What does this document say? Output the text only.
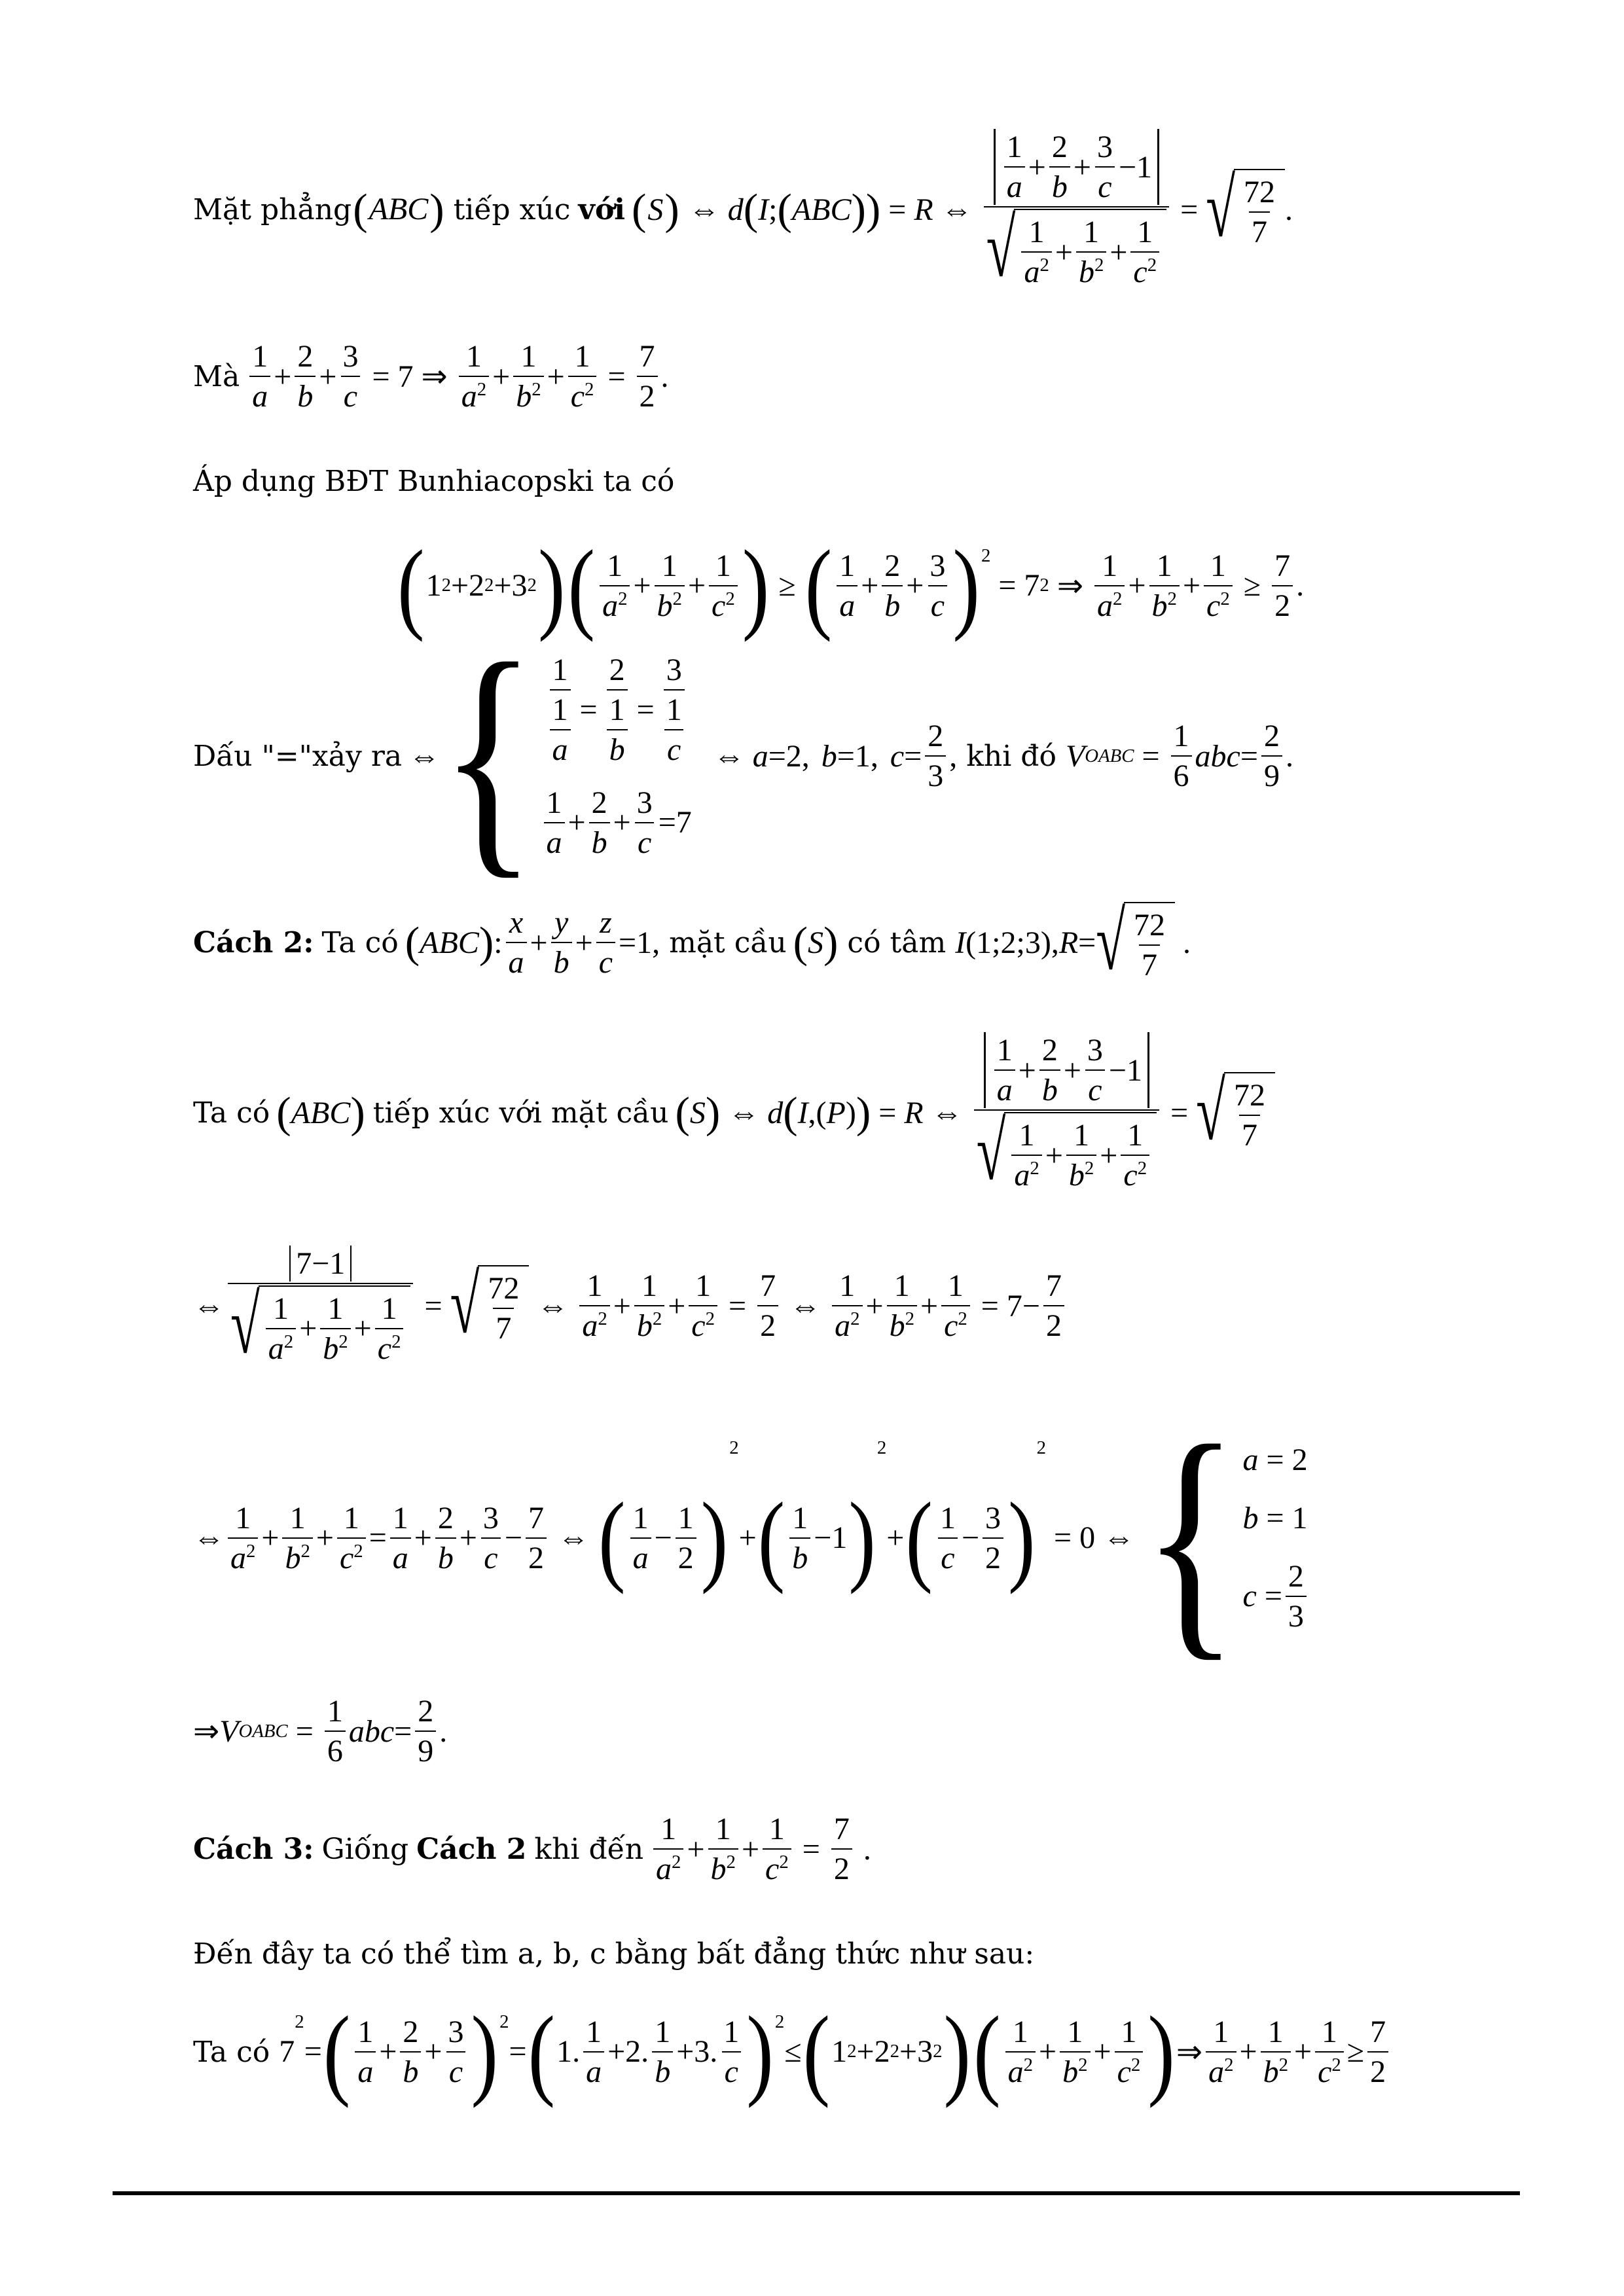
Mặt phẳng ( ABC ) tiếp xúc với ( S ) ⇔ d ( I ; ( ABC )) = R ⇔ 1
a
+
2
b
+
3
c
−1
√ 1
$a^2$ +
1
$b^2$ +
1
$c^2$ = √ 72
7
.
Mà
1
a
+
2
b
+ $\frac{3}{c} = 7$ ⇒
1
$a^2$ +
1
$b^2 + \frac{1}{c^2} = \frac{7}{2}$ .
Áp dụng BĐT Bunhiacopski ta có
( 1 2 +2 2 +3 2 ) ( 1
$a^2$ +
1
$b^2$ +
1
$c^2$ ) ≥ ( 1
a
+
2
b
+
3
c )$^2$
= 7 2 ⇒
1
$a^2$ +
1
$b^2 + \frac{1}{c^2} \ge \frac{7}{2}$ .
Dấu "="xảy ra ⇔ { $\frac{1}{1}$
a
= $\frac{2}{1}$
b
= $\frac{3}{1}$
c
1
a
+
2
b
+
3
c
=7
⇔ a =2, b =1, c =
2
3
, khi đó V OABC = $\frac{1}{6}$ abc =
2
9
.
Cách 2: Ta có ( ABC ) :
x
a
+
y
b
+
z
c
=1, mặt cầu ( S ) có tâm I (1;2;3), R = √ 72
7
.
Ta có ( ABC ) tiếp xúc với mặt cầu ( S ) ⇔ d ( I ,( P ) ) = R ⇔ 1
a
+
2
b
+
3
c
−1
√ 1
$a^2$ +
1
$b^2$ +
1
$c^2$ = √ 72
7
⇔ 7−1
√ 1
$a^2$ +
1
$b^2$ +
1
$c^2$ = √ 72
7
⇔
1
$a^2$ +
1
$b^2 + \frac{1}{c^2} = \frac{7}{2}$ ⇔
1
$a^2$ +
1
$b^2 + \frac{1}{c^2} = 7- \frac{7}{2}$
⇔
1
$a^2$ +
1
$b^2$ +
1
$c^2$ =
1
a
+
2
b
+
3
c
−
7
2
⇔ ( 1
a
−
1
2 )
2
+ ( 1
b
−1 )
2
+ ( 1
c
−
3
2 )
2
= 0 ⇔ { a = 2
b = 1
c =
2
3
⇒ V OABC = $\frac{1}{6}$ abc =
2
9
.
Cách 3: Giống Cách 2 khi đến
1
$a^2$ +
1
$b^2 + \frac{1}{c^2} = \frac{7}{2}$ .
Đến đây ta có thể tìm a, b, c bằng bất đẳng thức như sau:
Ta có 7
2
= ( 1
a
+
2
b
+
3
c )$^2$
= ( 1.
1
a
+2.
1
b
+3.
1
c )$^2$
≤ ( 1 2 +2 2 +3 2 ) ( 1
$a^2$ +
1
$b^2$ +
1
$c^2$ ) ⇒
1
$a^2$ +
1
$b^2$ +
1
$c^2$ ≥
7
2
